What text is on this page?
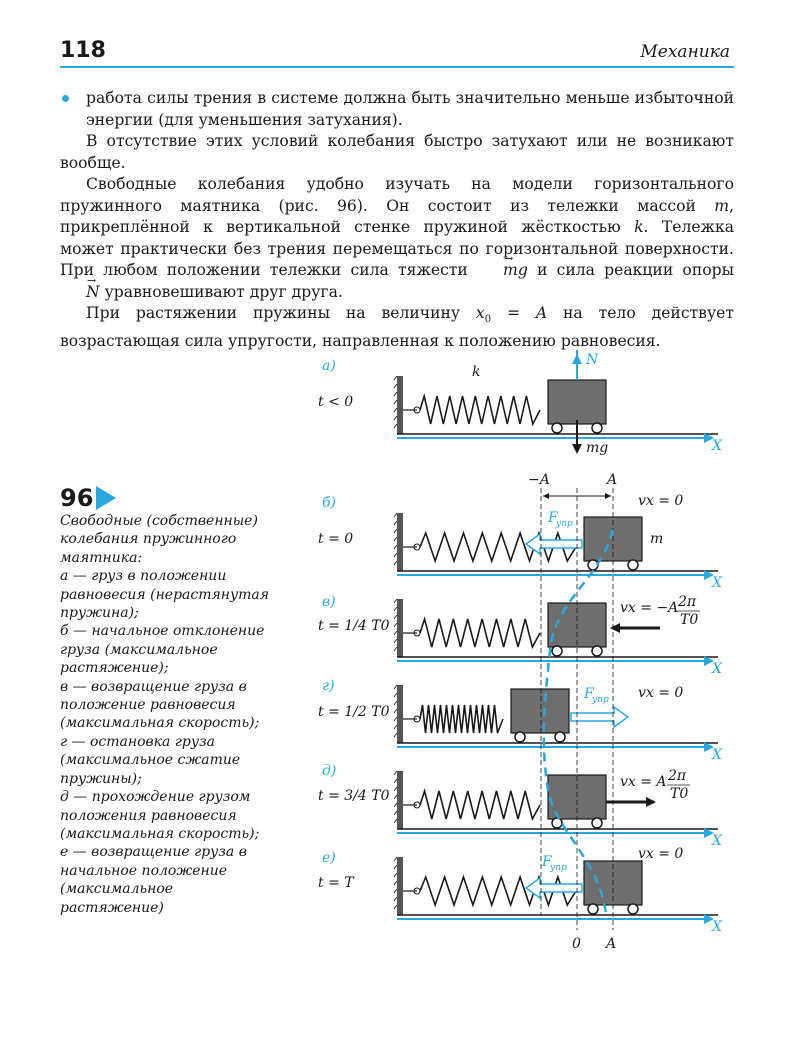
118	Механика

работа силы трения в системе должна быть значительно меньше избыточной энергии (для уменьшения затухания).

В отсутствие этих условий колебания быстро затухают или не возникают вообще.

Свободные колебания удобно изучать на модели горизонтального пружинного маятника (рис. 96). Он состоит из тележки массой m, прикреплённой к вертикальной стенке пружиной жёсткостью k. Тележка может практически без трения перемещаться по горизонтальной поверхности. При любом положении тележки сила тяжести → mg и сила реакции опоры → N уравновешивают друг друга.

При растяжении пружины на величину $x_0 = A$ на тело действует возрастающая сила упругости, направленная к положению равновесия.

96
Свободные (собственные) колебания пружинного маятника:
а — груз в положении равновесия (нерастянутая пружина);
б — начальное отклонение груза (максимальное растяжение);
в — возвращение груза в положение равновесия (максимальная скорость);
г — остановка груза (максимальное сжатие пружины);
д — прохождение грузом положения равновесия (максимальная скорость);
е — возвращение груза в начальное положение (максимальное растяжение)
X
а)
t < 0
X
б)
t = 0
X
в)
t = 1/4 T0
X
г)
t = 1/2 T0
X
д)
t = 3/4 T0
X
е)
t = T
k
N
mg
F
упр
vx = 0
m
vx = −A 2π
T0
F
упр vx = 0
vx = A 2π
T0
F
упр
vx = 0
−A	A
0 A
